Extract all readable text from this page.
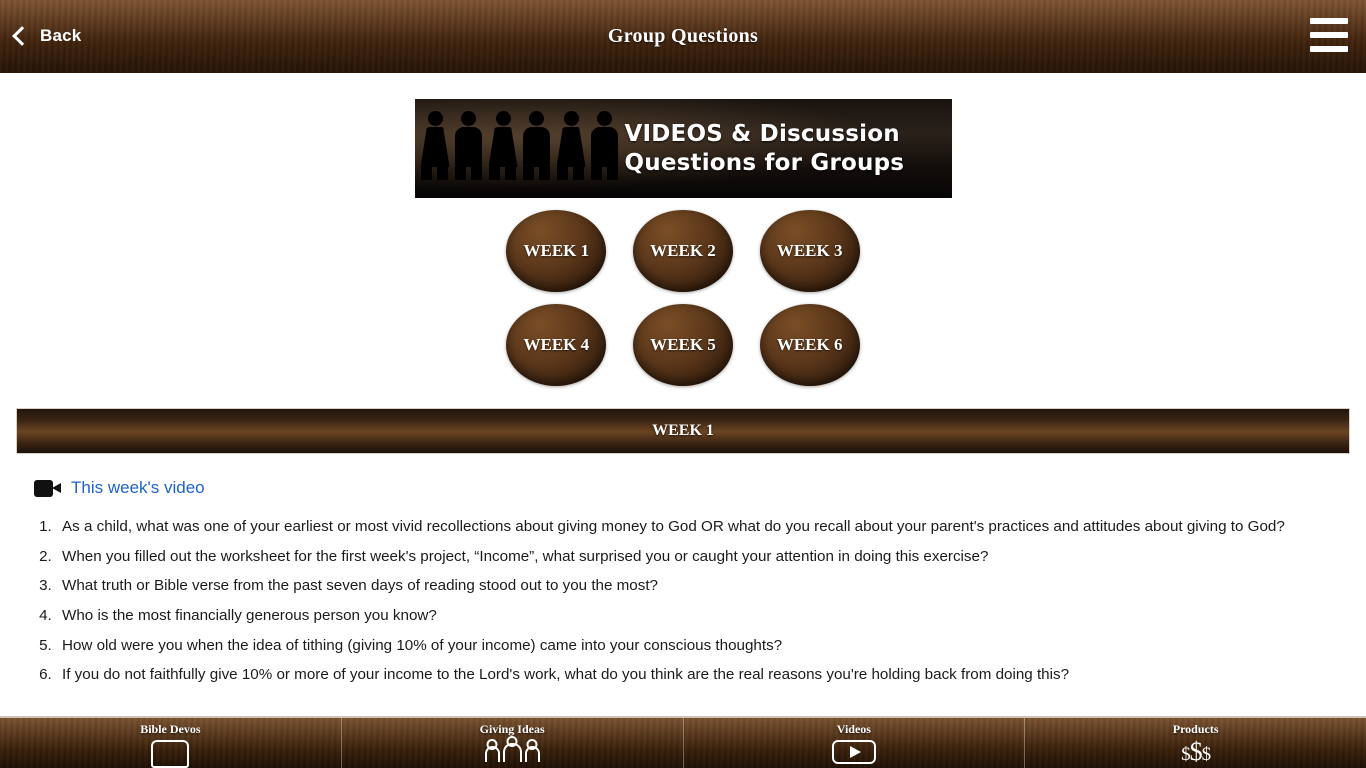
Back	Group Questions
VIDEOS & Discussion
Questions for Groups
WEEK 1	WEEK 2	WEEK 3
WEEK 4	WEEK 5	WEEK 6
WEEK 1
This week's video
1. As a child, what was one of your earliest or most vivid recollections about giving money to God OR what do you recall about your parent's practices and attitudes about giving to God?
2. When you filled out the worksheet for the first week's project, “Income”, what surprised you or caught your attention in doing this exercise?
3. What truth or Bible verse from the past seven days of reading stood out to you the most?
4. Who is the most financially generous person you know?
5. How old were you when the idea of tithing (giving 10% of your income) came into your conscious thoughts?
6. If you do not faithfully give 10% or more of your income to the Lord's work, what do you think are the real reasons you're holding back from doing this?
Bible Devos	Giving Ideas	Videos	Products
$$$
